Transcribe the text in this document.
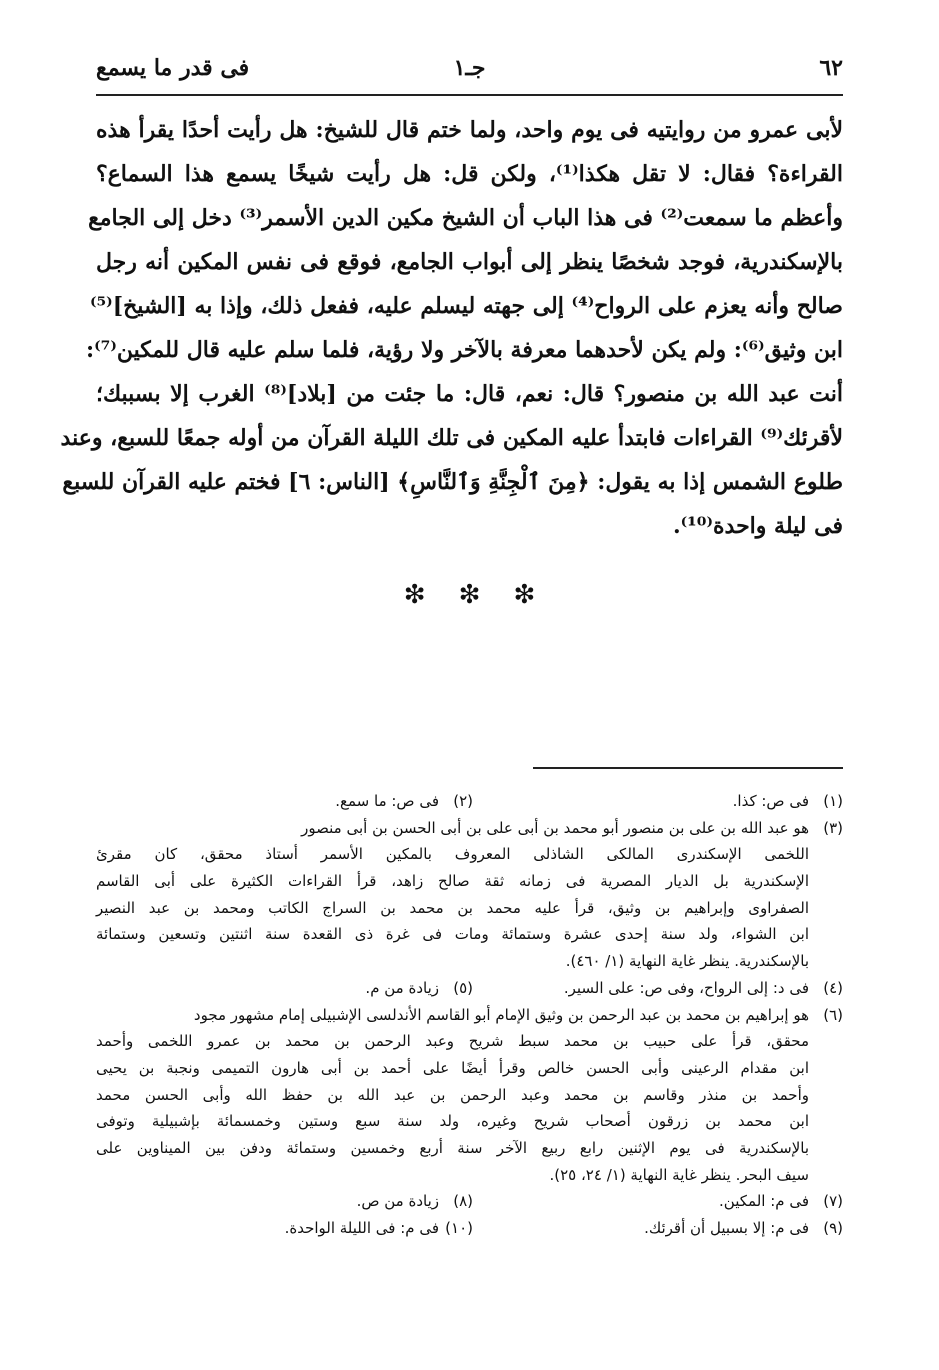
٦٢
جـ١
فى قدر ما يسمع
لأبى عمرو من روايتيه فى يوم واحد، ولما ختم قال للشيخ: هل رأيت أحدًا يقرأ هذه
القراءة؟ فقال: لا تقل هكذا⁽¹⁾، ولكن قل: هل رأيت شيخًا يسمع هذا السماع؟
وأعظم ما سمعت⁽²⁾ فى هذا الباب أن الشيخ مكين الدين الأسمر⁽³⁾ دخل إلى الجامع
بالإسكندرية، فوجد شخصًا ينظر إلى أبواب الجامع، فوقع فى نفس المكين أنه رجل
صالح وأنه يعزم على الرواح⁽⁴⁾ إلى جهته ليسلم عليه، ففعل ذلك، وإذا به [الشيخ]⁽⁵⁾
ابن وثيق⁽⁶⁾: ولم يكن لأحدهما معرفة بالآخر ولا رؤية، فلما سلم عليه قال للمكين⁽⁷⁾:
أنت عبد الله بن منصور؟ قال: نعم، قال: ما جئت من [بلاد]⁽⁸⁾ الغرب إلا بسببك؛
لأقرئك⁽⁹⁾ القراءات فابتدأ عليه المكين فى تلك الليلة القرآن من أوله جمعًا للسبع، وعند
طلوع الشمس إذا به يقول: ﴿مِنَ ٱلْجِنَّةِ وَٱلنَّاسِ﴾ [الناس: ٦] فختم عليه القرآن للسبع
فى ليلة واحدة⁽¹⁰⁾.
❇ ❇ ❇
(١)فى ص: كذا.
(٢)فى ص: ما سمع.
(٣)هو عبد الله بن على بن منصور أبو محمد بن أبى على بن أبى الحسن بن أبى منصور
اللخمى الإسكندرى المالكى الشاذلى المعروف بالمكين الأسمر أستاذ محقق، كان مقرئ
الإسكندرية بل الديار المصرية فى زمانه ثقة صالح زاهد، قرأ القراءات الكثيرة على أبى القاسم
الصفراوى وإبراهيم بن وثيق، قرأ عليه محمد بن محمد بن السراج الكاتب ومحمد بن عبد النصير
ابن الشواء، ولد سنة إحدى عشرة وستمائة ومات فى غرة ذى القعدة سنة اثنتين وتسعين وستمائة
بالإسكندرية. ينظر غاية النهاية (١/ ٤٦٠).
(٤)فى د: إلى الرواح، وفى ص: على السير.
(٥)زيادة من م.
(٦)هو إبراهيم بن محمد بن عبد الرحمن بن وثيق الإمام أبو القاسم الأندلسى الإشبيلى إمام مشهور مجود
محقق، قرأ على حبيب بن محمد سبط شريح وعبد الرحمن بن محمد بن عمرو اللخمى وأحمد
ابن مقدام الرعينى وأبى الحسن خالص وقرأ أيضًا على أحمد بن أبى هارون التميمى ونجبة بن يحيى
وأحمد بن منذر وقاسم بن محمد وعبد الرحمن بن عبد الله بن حفظ الله وأبى الحسن محمد
ابن محمد بن زرقون أصحاب شريح وغيره، ولد سنة سبع وستين وخمسمائة بإشبيلية وتوفى
بالإسكندرية فى يوم الإثنين رابع ربيع الآخر سنة أربع وخمسين وستمائة ودفن بين الميناوين على
سيف البحر. ينظر غاية النهاية (١/ ٢٤، ٢٥).
(٧)فى م: المكين.
(٨)زيادة من ص.
(٩)فى م: إلا بسبيل أن أقرئك.
(١٠)فى م: فى الليلة الواحدة.
